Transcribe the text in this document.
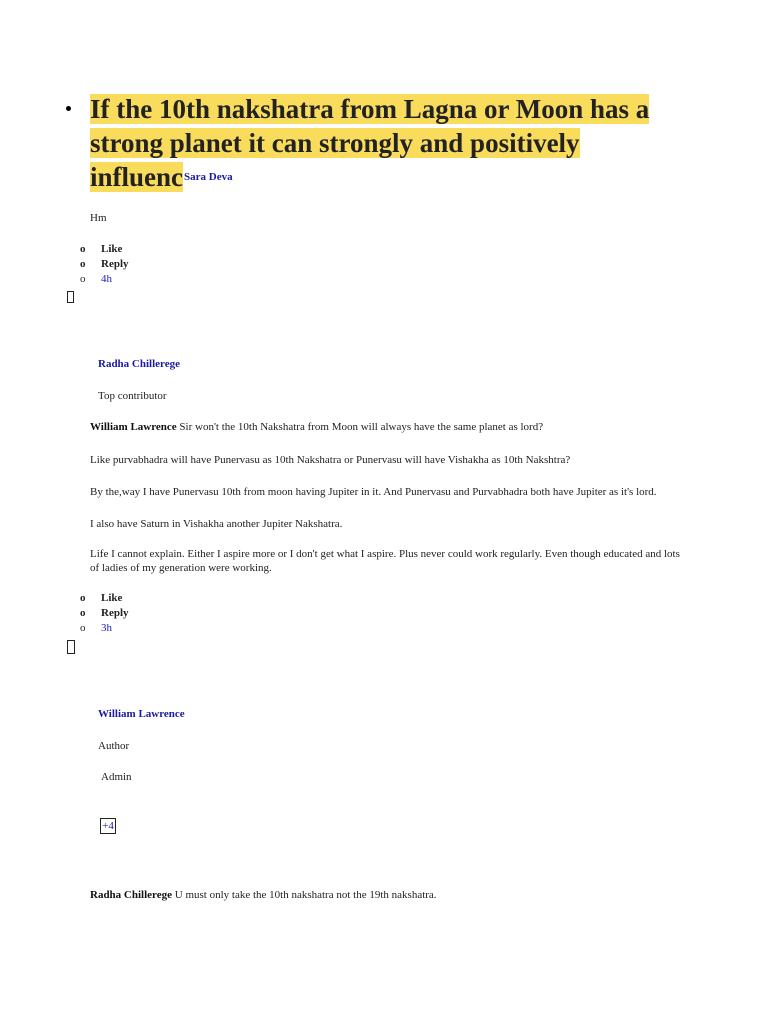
If the 10th nakshatra from Lagna or Moon has a strong planet it can strongly and positively influenc$^{Sara Deva}$
Hm
o	Like
o	Reply
o	4h
Radha Chillerege
Top contributor
William Lawrence Sir won't the 10th Nakshatra from Moon will always have the same planet as lord?
Like purvabhadra will have Punervasu as 10th Nakshatra or Punervasu will have Vishakha as 10th Nakshtra?
By the,way I have Punervasu 10th from moon having Jupiter in it. And Punervasu and Purvabhadra both have Jupiter as it's lord.
I also have Saturn in Vishakha another Jupiter Nakshatra.
Life I cannot explain. Either I aspire more or I don't get what I aspire. Plus never could work regularly. Even though educated and lots of ladies of my generation were working.
o	Like
o	Reply
o	3h
William Lawrence
Author
Admin
+4
Radha Chillerege U must only take the 10th nakshatra not the 19th nakshatra.
